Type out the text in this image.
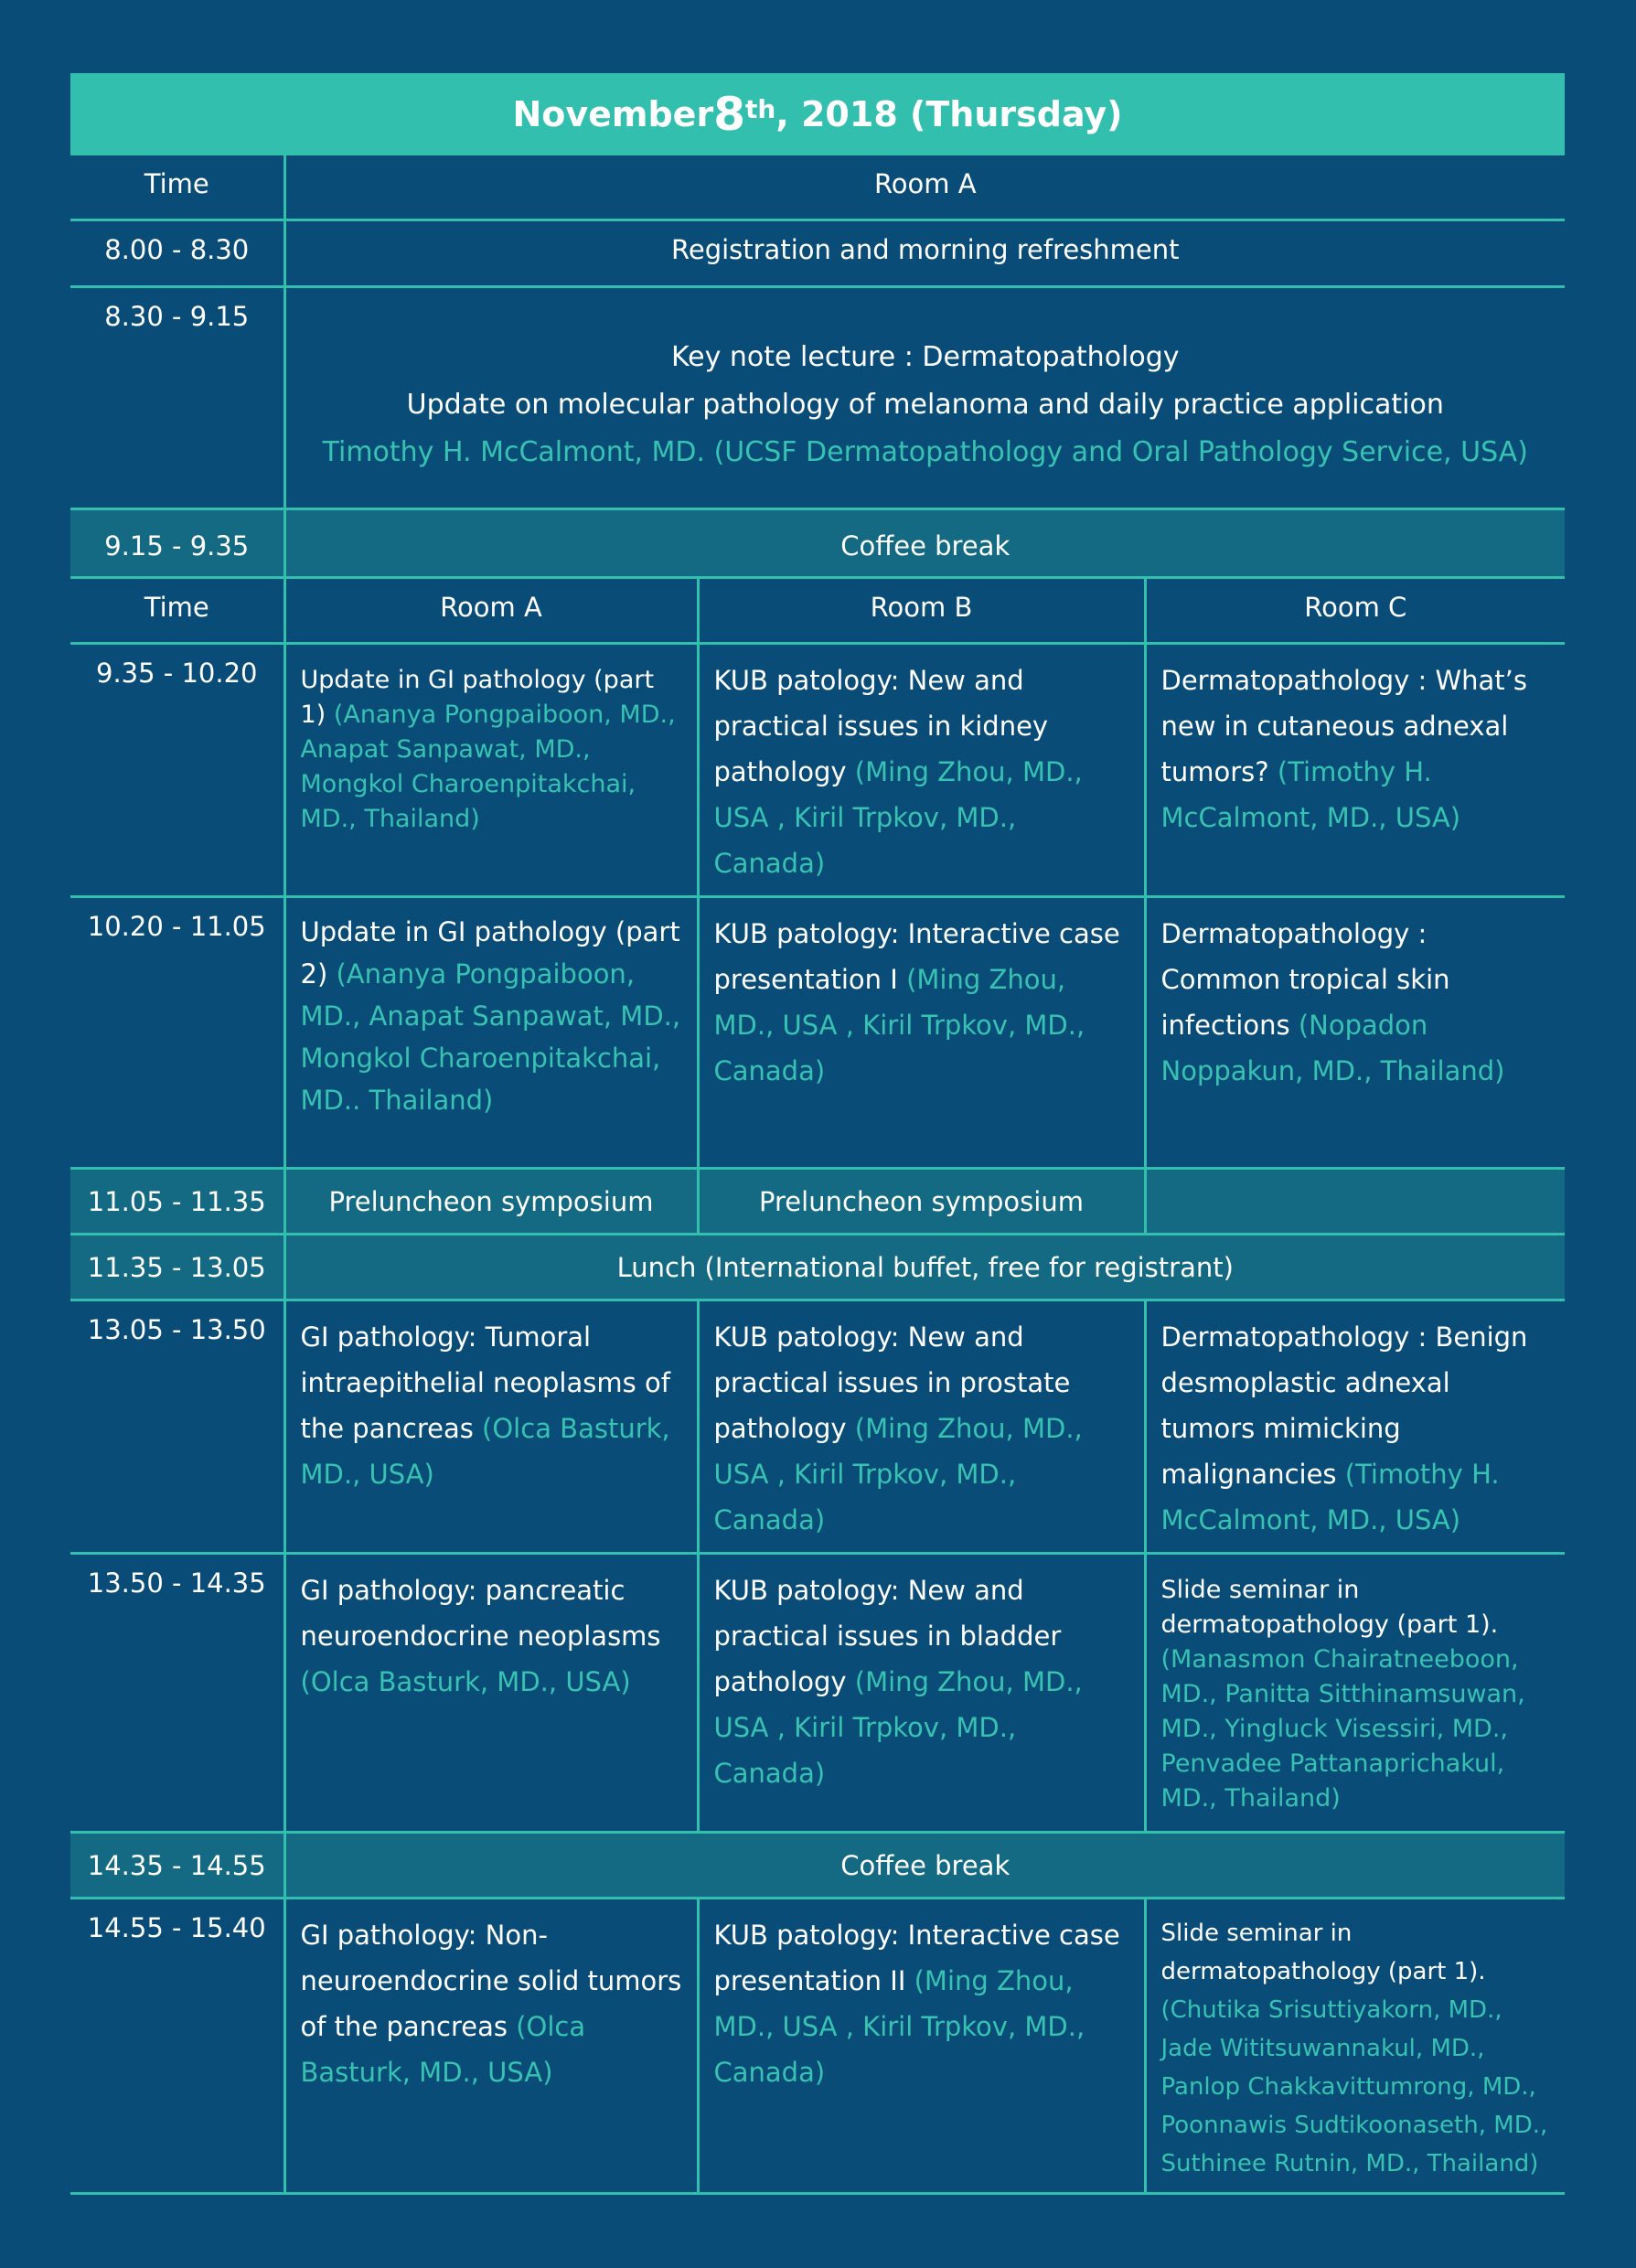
November 8th , 2018 (Thursday)
Time	Room A		
8.00 - 8.30	Registration and morning refreshment		
8.30 - 9.15	Key note lecture : Dermatopathology
Update on molecular pathology of melanoma and daily practice application
Timothy H. McCalmont, MD. (UCSF Dermatopathology and Oral Pathology Service, USA)		

9.15 - 9.35	Coffee break		
Time	Room A	Room B	Room C
9.35 - 10.20	Update in GI pathology (part 1) (Ananya Pongpaiboon, MD., Anapat Sanpawat, MD., Mongkol Charoenpitakchai, MD., Thailand)	KUB patology: New and practical issues in kidney pathology (Ming Zhou, MD., USA , Kiril Trpkov, MD., Canada)	Dermatopathology : What’s new in cutaneous adnexal tumors? (Timothy H. McCalmont, MD., USA)

10.20 - 11.05	Update in GI pathology (part 2) (Ananya Pongpaiboon, MD., Anapat Sanpawat, MD., Mongkol Charoenpitakchai, MD.. Thailand)	KUB patology: Interactive case presentation I (Ming Zhou, MD., USA , Kiril Trpkov, MD., Canada)	Dermatopathology : Common tropical skin infections (Nopadon Noppakun, MD., Thailand)

11.05 - 11.35	Preluncheon symposium	Preluncheon symposium	
11.35 - 13.05	Lunch (International buffet, free for registrant)		
13.05 - 13.50	GI pathology: Tumoral intraepithelial neoplasms of the pancreas (Olca Basturk, MD., USA)	KUB patology: New and practical issues in prostate pathology (Ming Zhou, MD., USA , Kiril Trpkov, MD., Canada)	Dermatopathology : Benign desmoplastic adnexal tumors mimicking malignancies (Timothy H. McCalmont, MD., USA)

13.50 - 14.35	GI pathology: pancreatic neuroendocrine neoplasms (Olca Basturk, MD., USA)	KUB patology: New and practical issues in bladder pathology (Ming Zhou, MD., USA , Kiril Trpkov, MD., Canada)	Slide seminar in dermatopathology (part 1). (Manasmon Chairatneeboon, MD., Panitta Sitthinamsuwan, MD., Yingluck Visessiri, MD., Penvadee Pattanaprichakul, MD., Thailand)

14.35 - 14.55	Coffee break		
14.55 - 15.40	GI pathology: Non-neuroendocrine solid tumors of the pancreas (Olca Basturk, MD., USA)	KUB patology: Interactive case presentation II (Ming Zhou, MD., USA , Kiril Trpkov, MD., Canada)	Slide seminar in dermatopathology (part 1). (Chutika Srisuttiyakorn, MD., Jade Wititsuwannakul, MD., Panlop Chakkavittumrong, MD., Poonnawis Sudtikoonaseth, MD., Suthinee Rutnin, MD., Thailand)
